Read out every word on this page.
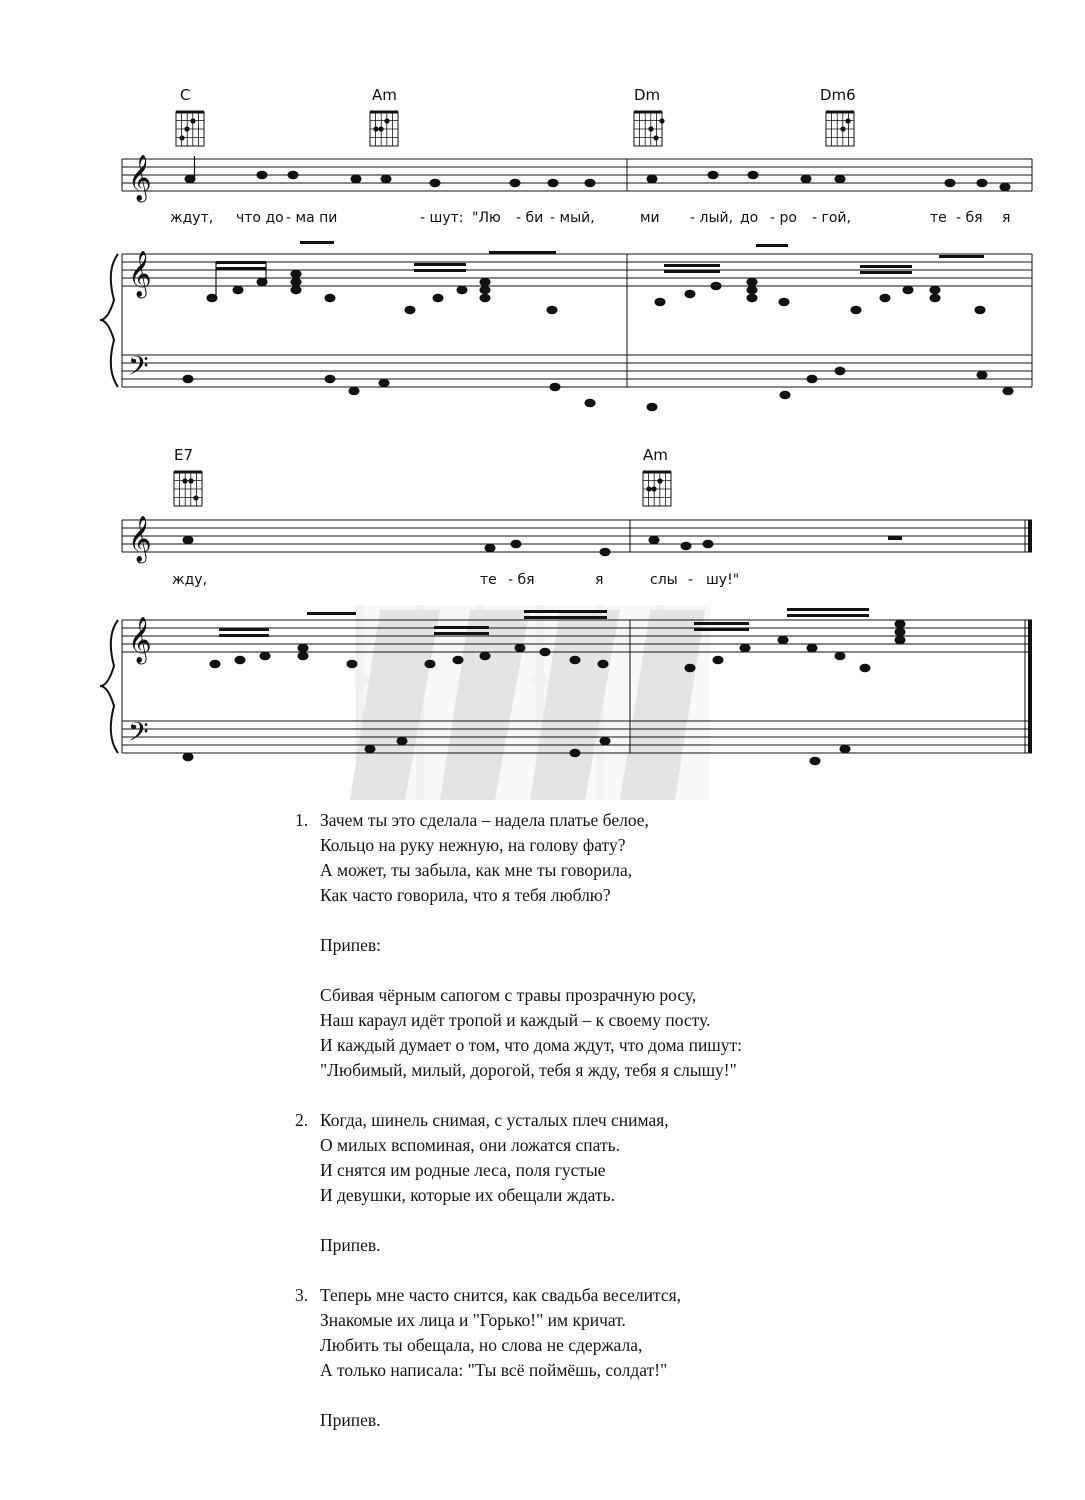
C	Am	Dm	Dm6
𝄞
ждут, что до - ма пи	- шут: "Лю - би - мый,	ми - лый, до - ро - гой,	те - бя я
𝄞
𝄢
E7	Am
𝄞
жду,	те - бя	я	слы - шу!"
𝄞
𝄢
1. Зачем ты это сделала – надела платье белое,
Кольцо на руку нежную, на голову фату?
А может, ты забыла, как мне ты говорила,
Как часто говорила, что я тебя люблю?
Припев:
Сбивая чёрным сапогом с травы прозрачную росу,
Наш караул идёт тропой и каждый – к своему посту.
И каждый думает о том, что дома ждут, что дома пишут:
"Любимый, милый, дорогой, тебя я жду, тебя я слышу!"
2. Когда, шинель снимая, с усталых плеч снимая,
О милых вспоминая, они ложатся спать.
И снятся им родные леса, поля густые
И девушки, которые их обещали ждать.
Припев.
3. Теперь мне часто снится, как свадьба веселится,
Знакомые их лица и "Горько!" им кричат.
Любить ты обещала, но слова не сдержала,
А только написала: "Ты всё поймёшь, солдат!"
Припев.
